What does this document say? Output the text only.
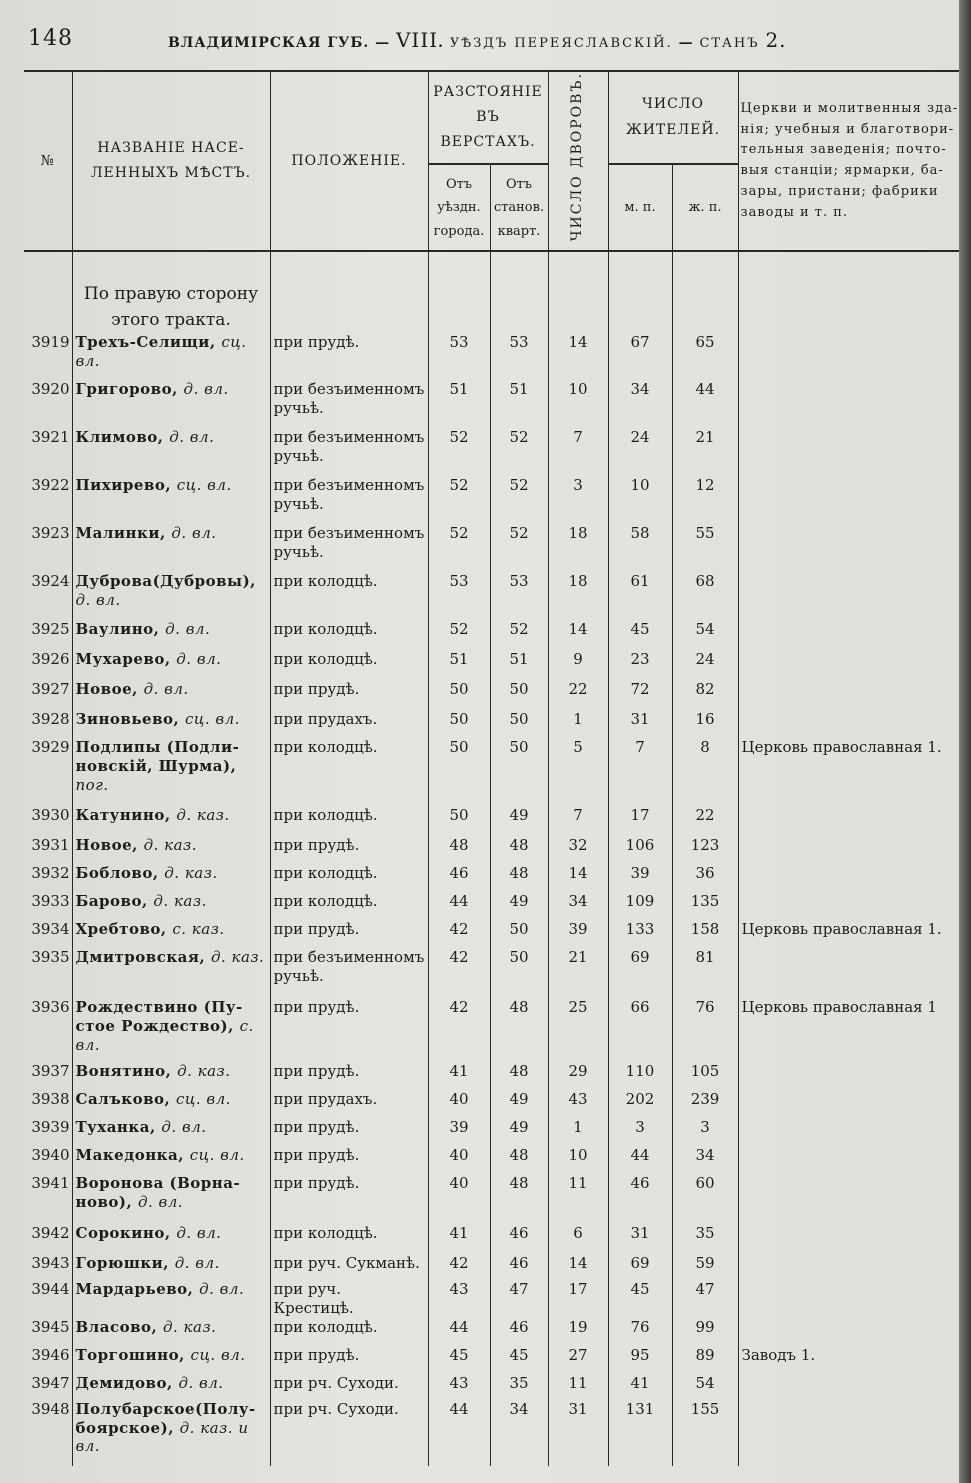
148	ВЛАДИМІРСКАЯ ГУБ. — VIII. УѢЗДЪ ПЕРЕЯСЛАВСКІЙ. — СТАНЪ 2.
№	НАЗВАНІЕ НАСЕ- ЛЕННЫХЪ МѢСТЪ.	ПОЛОЖЕНІЕ.	РАЗСТОЯНІЕ ВЪ ВЕРСТАХЪ.		ЧИСЛО ДВОРОВЪ.	ЧИСЛО ЖИТЕЛЕЙ.		Церкви и молитвенныя зда- нія; учебныя и благотвори- тельныя заведенія; почто- выя станціи; ярмарки, ба- зары, пристани; фабрики заводы и т. п.
			Отъ уѣздн. города.	Отъ станов. кварт.		м. п.	ж. п.	

	По правую сторону этого тракта.							

3919	Трехъ-Селищи, сц. вл.	при прудѣ.	53	53	14	67	65	
3920	Григорово, д. вл.	при безъименномъ ручьѣ.	51	51	10	34	44	
3921	Климово, д. вл.	при безъименномъ ручьѣ.	52	52	7	24	21	
3922	Пихирево, сц. вл.	при безъименномъ ручьѣ.	52	52	3	10	12	
3923	Малинки, д. вл.	при безъименномъ ручьѣ.	52	52	18	58	55	
3924	Дуброва(Дубровы), д. вл.	при колодцѣ.	53	53	18	61	68	
3925	Ваулино, д. вл.	при колодцѣ.	52	52	14	45	54	
3926	Мухарево, д. вл.	при колодцѣ.	51	51	9	23	24	
3927	Новое, д. вл.	при прудѣ.	50	50	22	72	82	
3928	Зиновьево, сц. вл.	при прудахъ.	50	50	1	31	16	
3929	Подлипы (Подли- новскій, Шурма), пог.	при колодцѣ.	50	50	5	7	8	Церковь православная 1.
3930	Катунино, д. каз.	при колодцѣ.	50	49	7	17	22	
3931	Новое, д. каз.	при прудѣ.	48	48	32	106	123	
3932	Боблово, д. каз.	при колодцѣ.	46	48	14	39	36	
3933	Барово, д. каз.	при колодцѣ.	44	49	34	109	135	
3934	Хребтово, с. каз.	при прудѣ.	42	50	39	133	158	Церковь православная 1.
3935	Дмитровская, д. каз.	при безъименномъ ручьѣ.	42	50	21	69	81	
3936	Рождествино (Пу- стое Рождество), с. вл.	при прудѣ.	42	48	25	66	76	Церковь православная 1
3937	Вонятино, д. каз.	при прудѣ.	41	48	29	110	105	
3938	Салъково, сц. вл.	при прудахъ.	40	49	43	202	239	
3939	Туханка, д. вл.	при прудѣ.	39	49	1	3	3	
3940	Македонка, сц. вл.	при прудѣ.	40	48	10	44	34	
3941	Воронова (Ворна- ново), д. вл.	при прудѣ.	40	48	11	46	60	
3942	Сорокино, д. вл.	при колодцѣ.	41	46	6	31	35	
3943	Горюшки, д. вл.	при руч. Сукманѣ.	42	46	14	69	59	
3944	Мардарьево, д. вл.	при руч. Крестицѣ.	43	47	17	45	47	
3945	Власово, д. каз.	при колодцѣ.	44	46	19	76	99	
3946	Торгошино, сц. вл.	при прудѣ.	45	45	27	95	89	Заводъ 1.
3947	Демидово, д. вл.	при рч. Суходи.	43	35	11	41	54	
3948	Полубарское(Полу- боярское), д. каз. и вл.	при рч. Суходи.	44	34	31	131	155	
